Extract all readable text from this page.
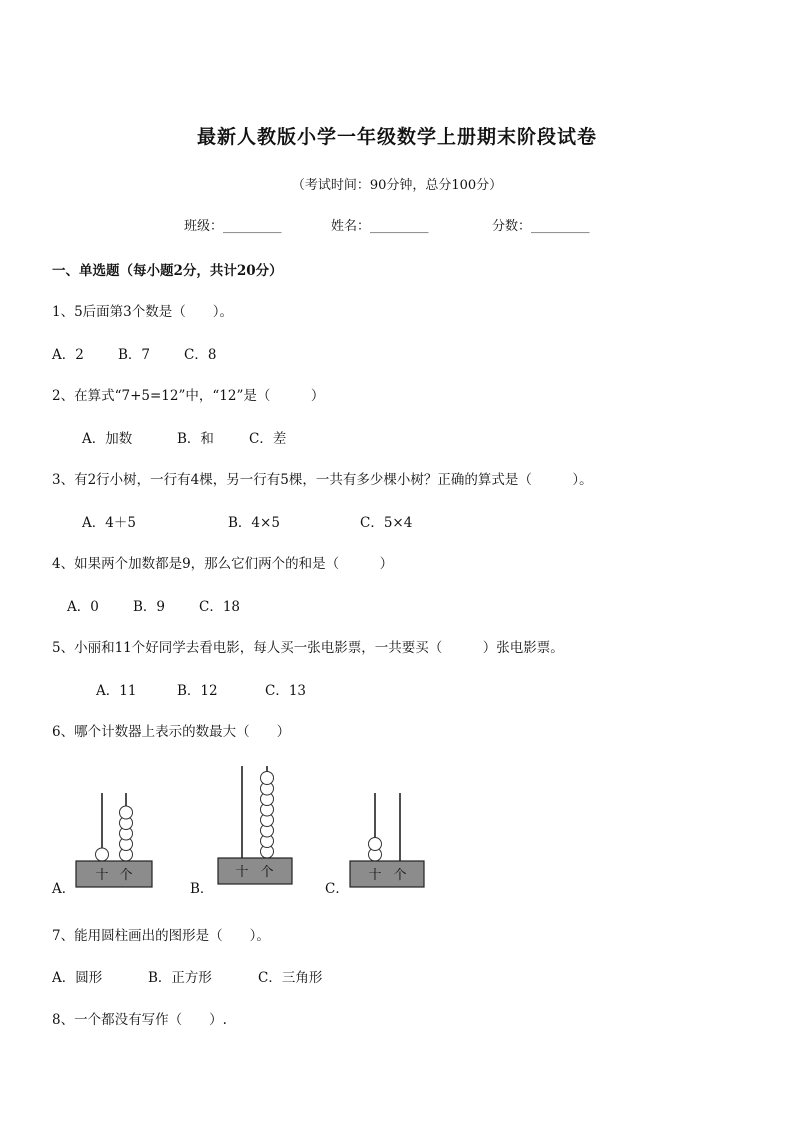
最新人教版小学一年级数学上册期末阶段试卷
（考试时间：90分钟，总分100分）
班级：_________	姓名：_________	分数：_________
一、单选题（每小题2分，共计20分）
1、5后面第3个数是（　　）。
A．2	B．7	C．8
2、在算式“7+5=12”中，“12”是（　　　）
A．加数	B．和	C．差
3、有2行小树，一行有4棵，另一行有5棵，一共有多少棵小树？正确的算式是（　　　）。
A．4＋5	B．4×5	C．5×4
4、如果两个加数都是9，那么它们两个的和是（　　　）
A．0	B．9	C．18
5、小丽和11个好同学去看电影，每人买一张电影票，一共要买（　　　）张电影票。
A．11	B．12	C．13
6、哪个计数器上表示的数最大（　　）
A．	B．	C．
十 个	十 个	十 个
7、能用圆柱画出的图形是（　　）。
A．圆形	B．正方形	C．三角形
8、一个都没有写作（　　）.
